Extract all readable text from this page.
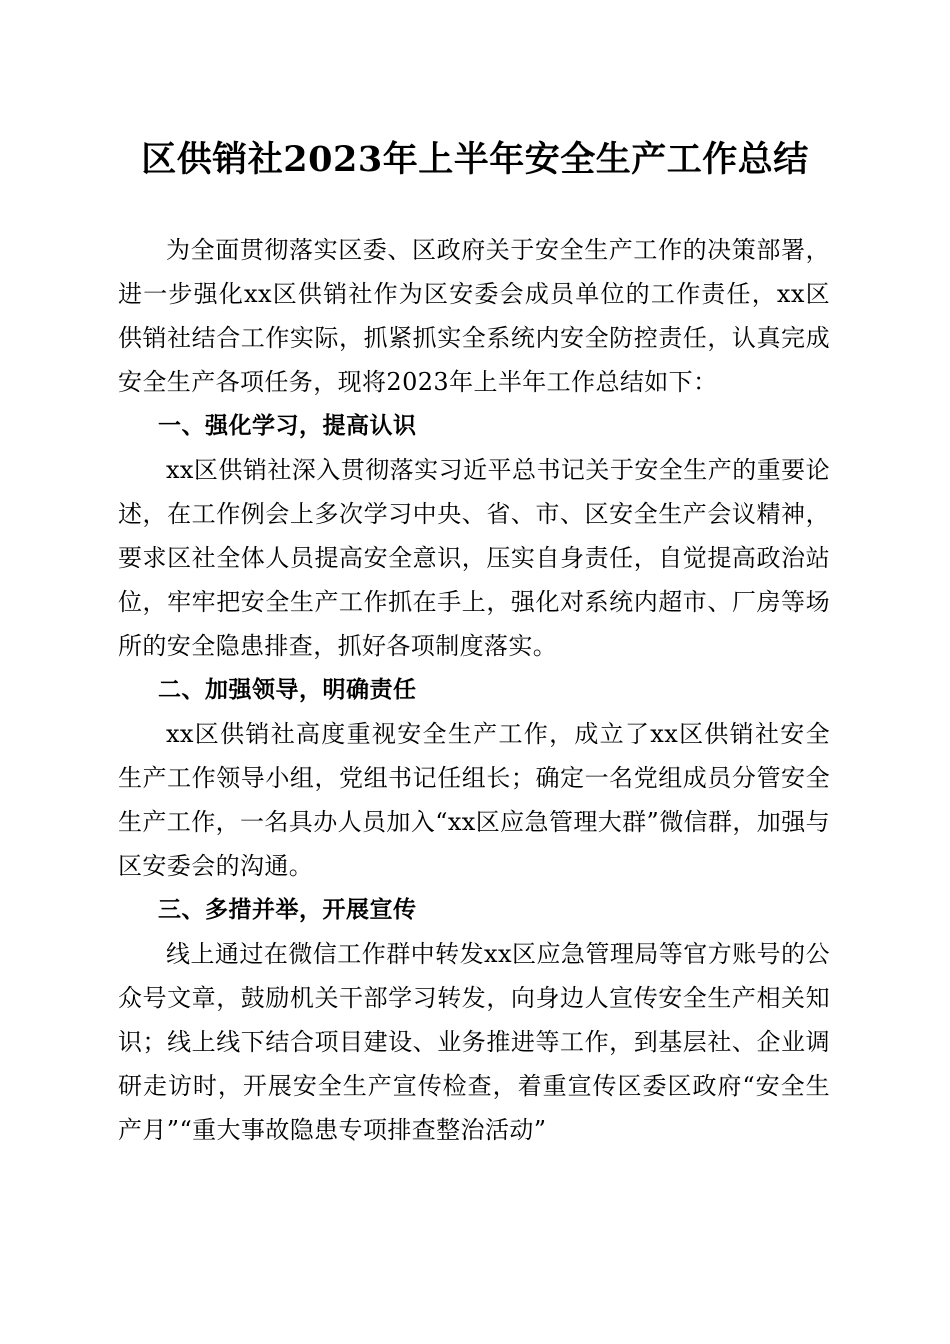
区供销社2023年上半年安全生产工作总结

为全面贯彻落实区委、区政府关于安全生产工作的决策部署，进一步强化xx区供销社作为区安委会成员单位的工作责任，xx区供销社结合工作实际，抓紧抓实全系统内安全防控责任，认真完成安全生产各项任务，现将2023年上半年工作总结如下：

一、强化学习，提高认识

xx区供销社深入贯彻落实习近平总书记关于安全生产的重要论述，在工作例会上多次学习中央、省、市、区安全生产会议精神，要求区社全体人员提高安全意识，压实自身责任，自觉提高政治站位，牢牢把安全生产工作抓在手上，强化对系统内超市、厂房等场所的安全隐患排查，抓好各项制度落实。

二、加强领导，明确责任

xx区供销社高度重视安全生产工作，成立了xx区供销社安全生产工作领导小组，党组书记任组长；确定一名党组成员分管安全生产工作，一名具办人员加入“xx区应急管理大群”微信群，加强与区安委会的沟通。

三、多措并举，开展宣传

线上通过在微信工作群中转发xx区应急管理局等官方账号的公众号文章，鼓励机关干部学习转发，向身边人宣传安全生产相关知识；线上线下结合项目建设、业务推进等工作，到基层社、企业调研走访时，开展安全生产宣传检查，着重宣传区委区政府“安全生产月”“重大事故隐患专项排查整治活动”
